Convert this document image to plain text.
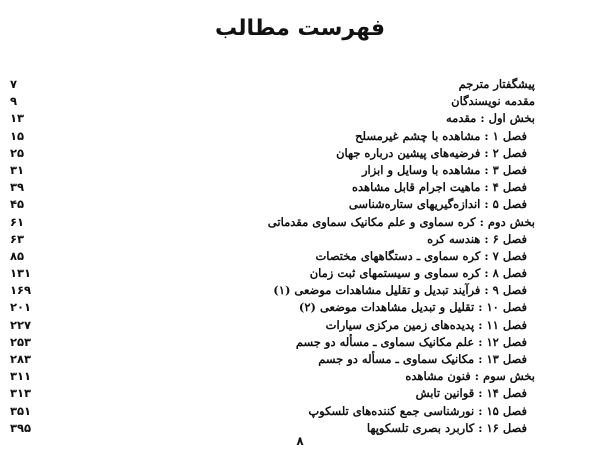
فهرست مطالب
پیشگفتار مترجم
۷
مقدمه نویسندگان
۹
بخش اول : مقدمه
۱۳
فصل ۱ : مشاهده با چشم غیرمسلح
۱۵
فصل ۲ : فرضیه‌های پیشین درباره جهان
۲۵
فصل ۳ : مشاهده با وسایل و ابزار
۳۱
فصل ۴ : ماهیت اجرام قابل مشاهده
۳۹
فصل ۵ : اندازه‌گیریهای ستاره‌شناسی
۴۵
بخش دوم : کره سماوی و علم مکانیک سماوی مقدماتی
۶۱
فصل ۶ : هندسه کره
۶۳
فصل ۷ : کره سماوی ـ دستگاههای مختصات
۸۵
فصل ۸ : کره سماوی و سیستمهای ثبت زمان
۱۳۱
فصل ۹ : فرآیند تبدیل و تقلیل مشاهدات موضعی (۱)
۱۶۹
فصل ۱۰ : تقلیل و تبدیل مشاهدات موضعی (۲)
۲۰۱
فصل ۱۱ : پدیده‌های زمین مرکزی سیارات
۲۲۷
فصل ۱۲ : علم مکانیک سماوی ـ مسأله دو جسم
۲۵۳
فصل ۱۳ : مکانیک سماوی ـ مسأله دو جسم
۲۸۳
بخش سوم : فنون مشاهده
۳۱۱
فصل ۱۴ : قوانین تابش
۳۱۳
فصل ۱۵ : نورشناسی جمع کننده‌های تلسکوپ
۳۵۱
فصل ۱۶ : کاربرد بصری تلسکوپها
۳۹۵
۸
